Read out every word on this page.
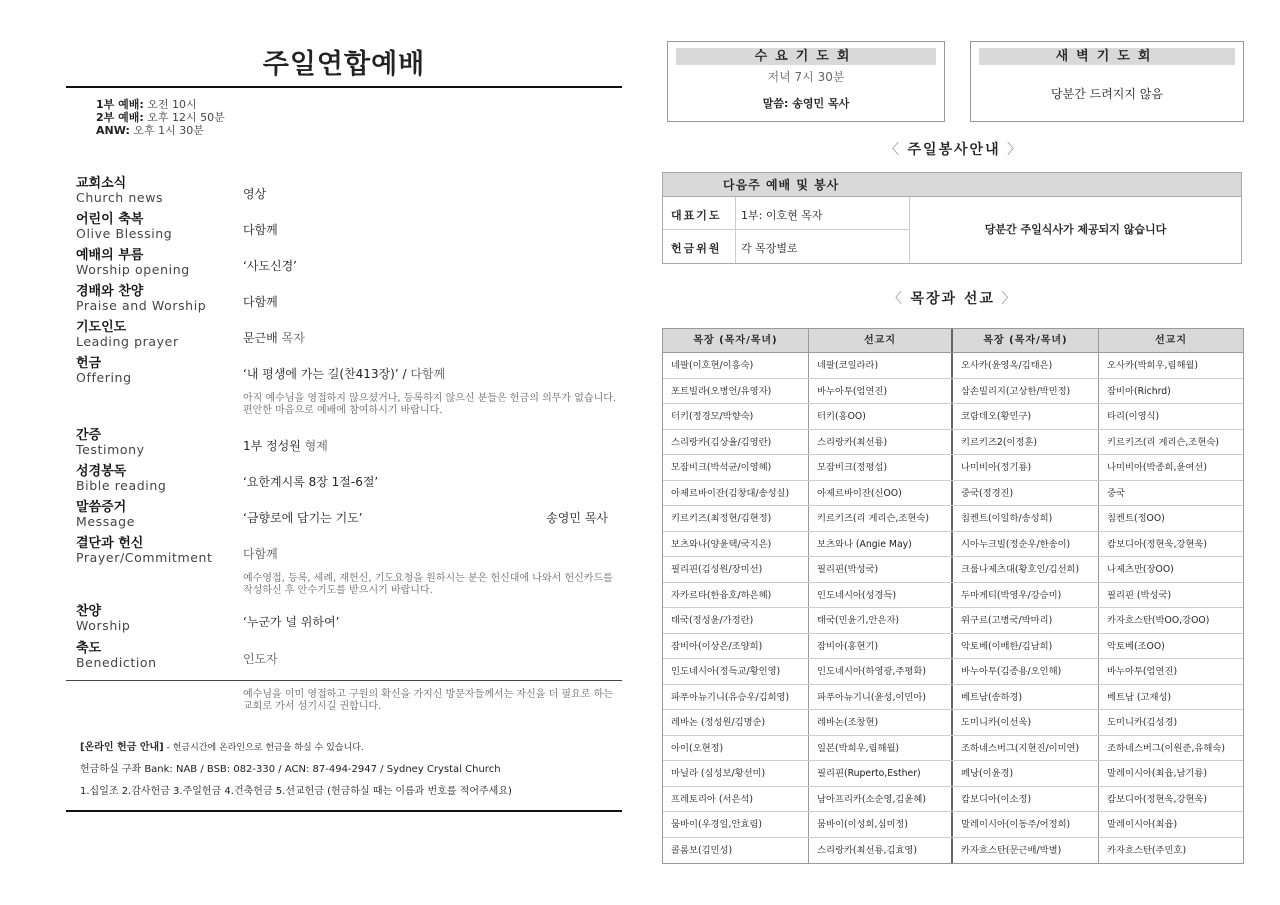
주일연합예배
1부 예배: 오전 10시
2부 예배: 오후 12시 50분
ANW: 오후 1시 30분
교회소식
Church news	영상
어린이 축복
Olive Blessing	다함께
예배의 부름
Worship opening	‘사도신경’
경배와 찬양
Praise and Worship	다함께
기도인도
Leading prayer	문근배 목자
헌금
Offering	‘내 평생에 가는 길(찬413장)’ / 다함께
아직 예수님을 영접하지 않으셨거나, 등록하지 않으신 분들은 헌금의 의무가 없습니다. 편안한 마음으로 예배에 참여하시기 바랍니다.
간증
Testimony	1부 정성원 형제
성경봉독
Bible reading	‘요한계시록 8장 1절-6절’
말씀증거
Message	‘금향로에 담기는 기도’	송영민 목사
결단과 헌신
Prayer/Commitment	다함께
예수영접, 등록, 세례, 재헌신, 기도요청을 원하시는 분은 헌신대에 나와서 헌신카드를 작성하신 후 안수기도를 받으시기 바랍니다.
찬양
Worship	‘누군가 널 위하여’
축도
Benediction	인도자
예수님을 이미 영접하고 구원의 확신을 가지신 방문자들께서는 자신을 더 필요로 하는 교회로 가서 섬기시길 권합니다.
[온라인 헌금 안내] - 헌금시간에 온라인으로 헌금을 하실 수 있습니다.
헌금하실 구좌 Bank: NAB / BSB: 082-330 / ACN: 87-494-2947 / Sydney Crystal Church
1.십일조 2.감사헌금 3.주일헌금 4.건축헌금 5.선교헌금 (헌금하실 때는 이름과 번호를 적어주세요)
수요기도회
저녁 7시 30분
말씀: 송영민 목사
새벽기도회
당분간 드려지지 않음
〈 주일봉사안내 〉
다음주 예배 및 봉사
대표기도 1부: 이호현 목자
헌금위원 각 목장별로
당분간 주일식사가 제공되지 않습니다
〈 목장과 선교 〉
목장 (목자/목녀)	선교지	목장 (목자/목녀)	선교지
네팔(이호현/이흥숙)	네팔(코일라라)	오사카(윤영옥/김태은)	오사카(박희우,림해월)
포트빌라(오병언/유영자)	바누아투(엄연진)	삼손빌리지(고상한/박민정)	잠비아(Richrd)
터키(정경모/박향숙)	터키(홍OO)	코람데오(황민구)	타리(이영식)
스리랑카(김상율/김영란)	스리랑카(최선룡)	키르키즈2(이정훈)	키르키즈(리 게리슨,조현숙)
모잠비크(박석균/이영혜)	모잠비크(정평섭)	나미비아(정기룡)	나미비아(박종희,윤여선)
아제르바이잔(김창대/송성실)	아제르바이잔(신OO)	중국(정경진)	중국
키르키즈(최정현/김현정)	키르키즈(리 게리슨,조현숙)	침켄트(이일하/송성희)	침켄트(정OO)
보츠와나(양윤택/국지은)	보츠와나 (Angie May)	시아누크빌(정순우/한송이)	캄보디아(정현욱,강현욱)
필리핀(김성원/장미선)	필리핀(박성국)	크룹나제츠대(황호인/김선희)	나제츠만(장OO)
자카르타(한융호/하은혜)	인도네시아(성경득)	두마게티(박영우/강승미)	필리핀 (박성국)
태국(정성윤/가정란)	태국(민윤기,안은자)	위구르(고병국/박마리)	카자흐스탄(박OO,강OO)
잠비아(이상은/조양희)	잠비아(홍현기)	악토베(이배한/김남희)	악토베(조OO)
인도네시아(정득교/황인영)	인도네시아(하영광,주평화)	바누아투(김종용/오인해)	바누아투(엄연진)
파푸아뉴기니(유승우/김희영)	파푸아뉴기니(윤성,이민아)	베트남(송하경)	베트남 (고재성)
레바논 (정성원/김명순)	레바논(조창현)	도미니카(이선욱)	도미니카(김성경)
아이(오현정)	일본(박희우,림해월)	조하네스버그(지현진/이미연)	조하네스버그(이원준,유해숙)
마닐라 (심성보/황선미)	필리핀(Ruperto,Esther)	페낭(이윤경)	말레이시아(최윱,남기룡)
프레토리아 (서은석)	남아프리카(소순영,김윤혜)	캄보디아(이소정)	캄보디아(정현욱,강현욱)
뭄바이(우경일,안효림)	뭄바이(이성희,심미정)	말레이시아(이동주/어정희)	말레이시아(최윱)
콜롬보(김민성)	스리랑카(최선룡,김효영)	카자흐스탄(문근배/박별)	카자흐스탄(주민호)
